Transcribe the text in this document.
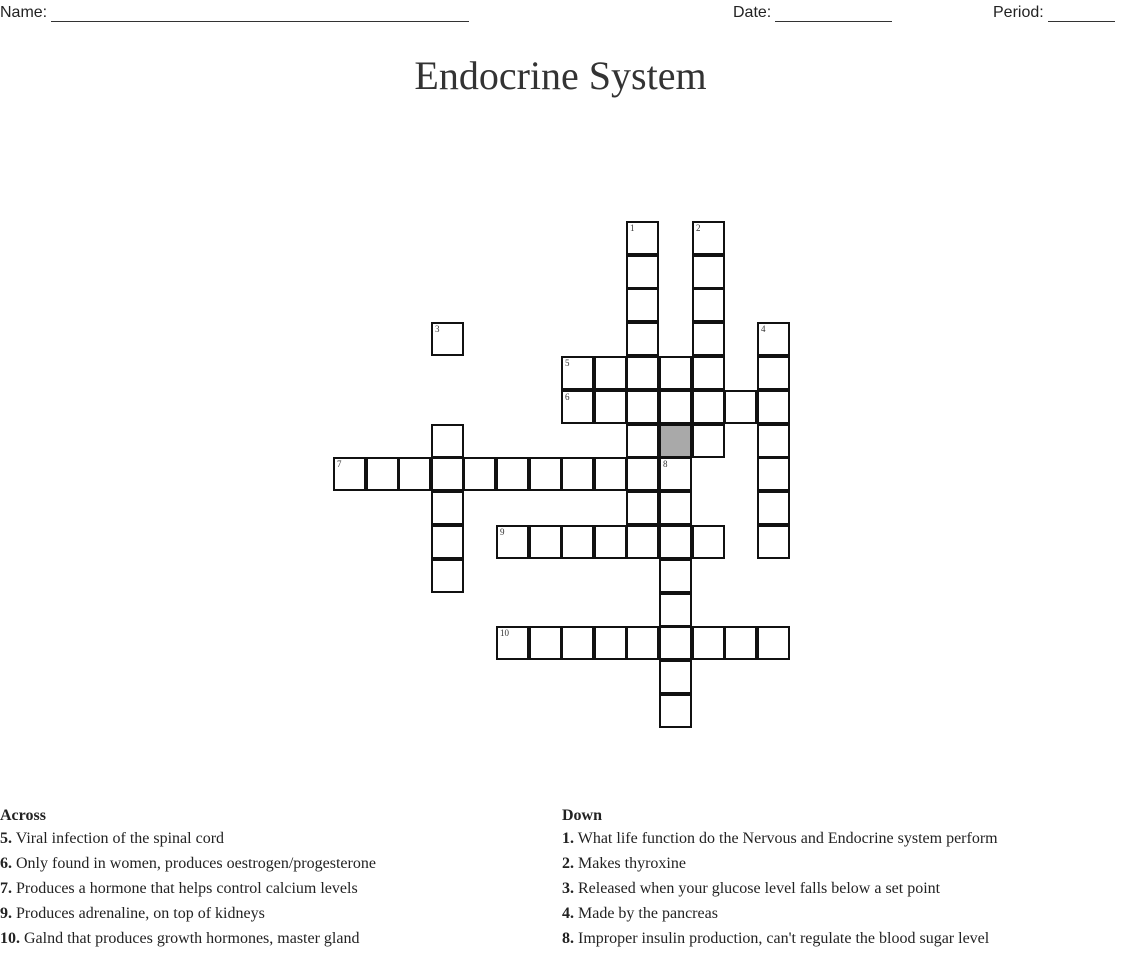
Name:	Date:	Period:
Endocrine System
1	2
3	4
5
6
7	8
9
10
Across
5. Viral infection of the spinal cord
6. Only found in women, produces oestrogen/progesterone
7. Produces a hormone that helps control calcium levels
9. Produces adrenaline, on top of kidneys
10. Galnd that produces growth hormones, master gland
Down
1. What life function do the Nervous and Endocrine system perform
2. Makes thyroxine
3. Released when your glucose level falls below a set point
4. Made by the pancreas
8. Improper insulin production, can't regulate the blood sugar level
